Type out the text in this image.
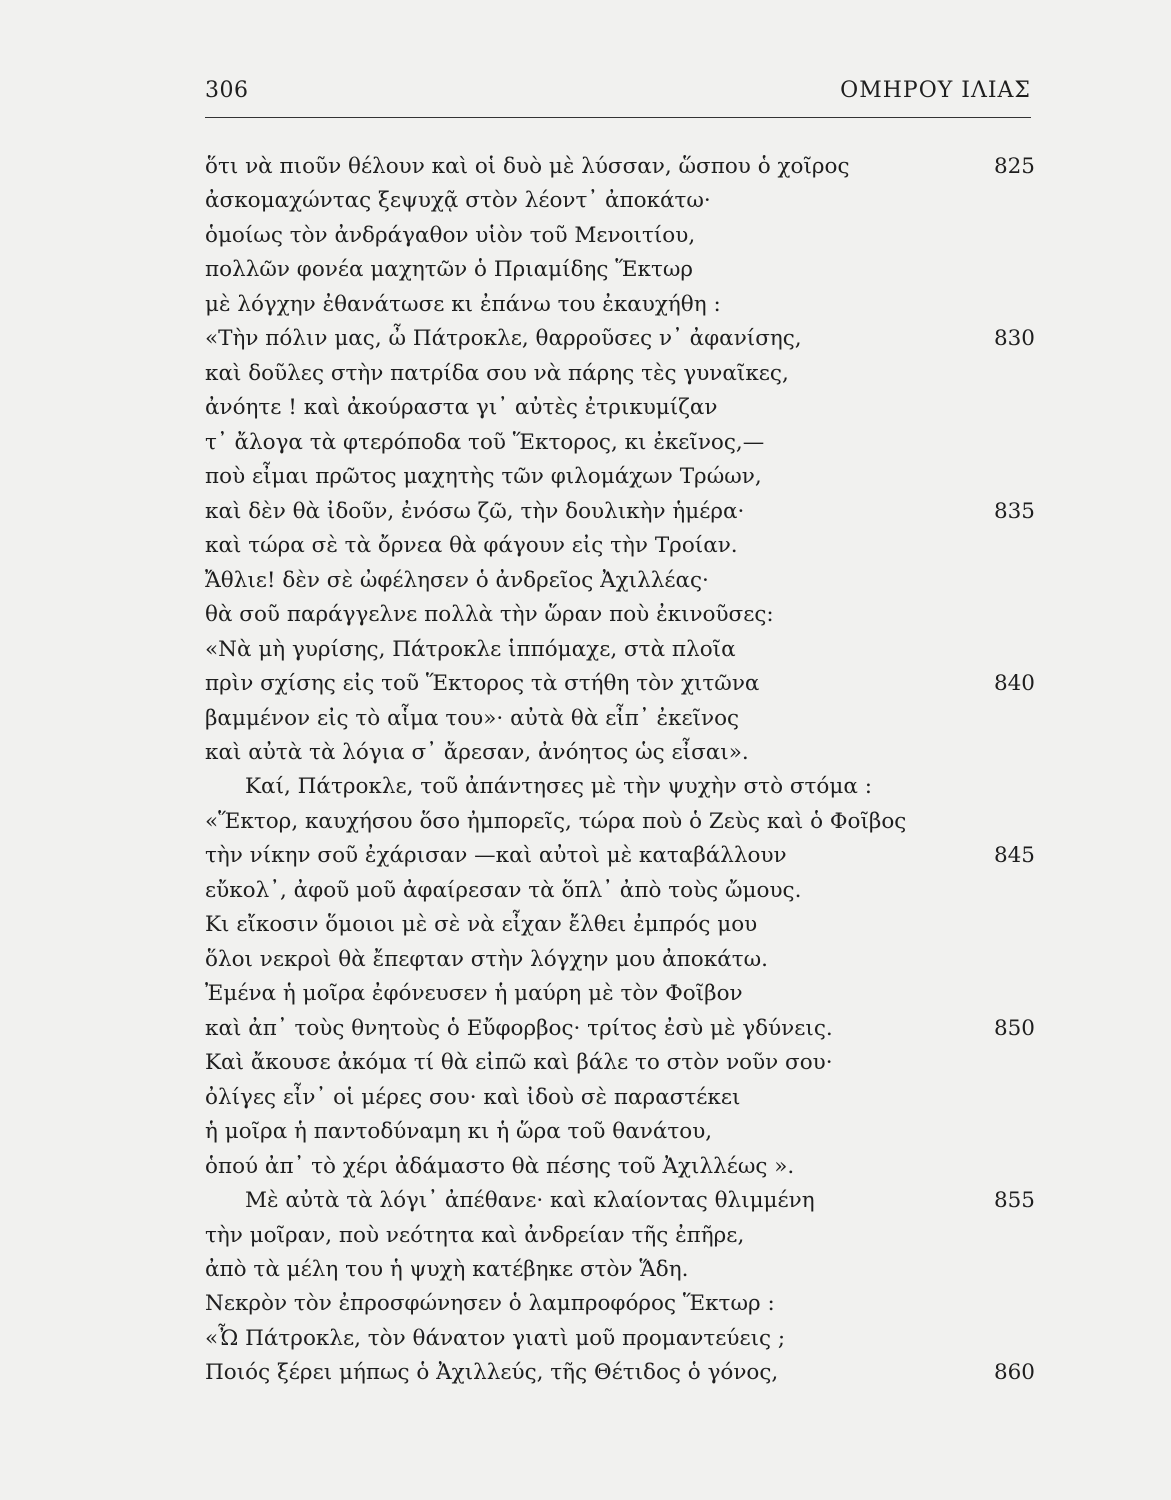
306	ΟΜΗΡΟΥ ΙΛΙΑΣ
ὅτι νὰ πιοῦν θέλουν καὶ οἱ δυὸ μὲ λύσσαν, ὥσπου ὁ χοῖρος	825
ἀσκομαχώντας ξεψυχᾷ στὸν λέοντ᾽ ἀποκάτω·
ὁμοίως τὸν ἀνδράγαθον υἱὸν τοῦ Μενοιτίου,
πολλῶν φονέα μαχητῶν ὁ Πριαμίδης Ἕκτωρ
μὲ λόγχην ἐθανάτωσε κι ἐπάνω του ἐκαυχήθη :
«Τὴν πόλιν μας, ὦ Πάτροκλε, θαρροῦσες ν᾽ ἀφανίσης,	830
καὶ δοῦλες στὴν πατρίδα σου νὰ πάρης τὲς γυναῖκες,
ἀνόητε ! καὶ ἀκούραστα γι᾽ αὐτὲς ἐτρικυμίζαν
τ᾽ ἄλογα τὰ φτερόποδα τοῦ Ἕκτορος, κι ἐκεῖνος,—
ποὺ εἶμαι πρῶτος μαχητὴς τῶν φιλομάχων Τρώων,
καὶ δὲν θὰ ἰδοῦν, ἐνόσω ζῶ, τὴν δουλικὴν ἡμέρα·	835
καὶ τώρα σὲ τὰ ὄρνεα θὰ φάγουν εἰς τὴν Τροίαν.
Ἄθλιε! δὲν σὲ ὠφέλησεν ὁ ἀνδρεῖος Ἀχιλλέας·
θὰ σοῦ παράγγελνε πολλὰ τὴν ὥραν ποὺ ἐκινοῦσες:
«Νὰ μὴ γυρίσης, Πάτροκλε ἱππόμαχε, στὰ πλοῖα
πρὶν σχίσης εἰς τοῦ Ἕκτορος τὰ στήθη τὸν χιτῶνα	840
βαμμένον εἰς τὸ αἷμα του»· αὐτὰ θὰ εἶπ᾽ ἐκεῖνος
καὶ αὐτὰ τὰ λόγια σ᾽ ἄρεσαν, ἀνόητος ὡς εἶσαι».
Καί, Πάτροκλε, τοῦ ἀπάντησες μὲ τὴν ψυχὴν στὸ στόμα :
«Ἕκτορ, καυχήσου ὅσο ἠμπορεῖς, τώρα ποὺ ὁ Ζεὺς καὶ ὁ Φοῖβος
τὴν νίκην σοῦ ἐχάρισαν —καὶ αὐτοὶ μὲ καταβάλλουν	845
εὔκολ᾽, ἀφοῦ μοῦ ἀφαίρεσαν τὰ ὅπλ᾽ ἀπὸ τοὺς ὤμους.
Κι εἴκοσιν ὅμοιοι μὲ σὲ νὰ εἶχαν ἔλθει ἐμπρός μου
ὅλοι νεκροὶ θὰ ἔπεφταν στὴν λόγχην μου ἀποκάτω.
Ἐμένα ἡ μοῖρα ἐφόνευσεν ἡ μαύρη μὲ τὸν Φοῖβον
καὶ ἀπ᾽ τοὺς θνητοὺς ὁ Εὔφορβος· τρίτος ἐσὺ μὲ γδύνεις.	850
Καὶ ἄκουσε ἀκόμα τί θὰ εἰπῶ καὶ βάλε το στὸν νοῦν σου·
ὀλίγες εἶν᾽ οἱ μέρες σου· καὶ ἰδοὺ σὲ παραστέκει
ἡ μοῖρα ἡ παντοδύναμη κι ἡ ὥρα τοῦ θανάτου,
ὁπού ἀπ᾽ τὸ χέρι ἀδάμαστο θὰ πέσης τοῦ Ἀχιλλέως ».
Μὲ αὐτὰ τὰ λόγι᾽ ἀπέθανε· καὶ κλαίοντας θλιμμένη	855
τὴν μοῖραν, ποὺ νεότητα καὶ ἀνδρείαν τῆς ἐπῆρε,
ἀπὸ τὰ μέλη του ἡ ψυχὴ κατέβηκε στὸν Ἅδη.
Νεκρὸν τὸν ἐπροσφώνησεν ὁ λαμπροφόρος Ἕκτωρ :
«Ὦ Πάτροκλε, τὸν θάνατον γιατὶ μοῦ προμαντεύεις ;
Ποιός ξέρει μήπως ὁ Ἀχιλλεύς, τῆς Θέτιδος ὁ γόνος,	860
